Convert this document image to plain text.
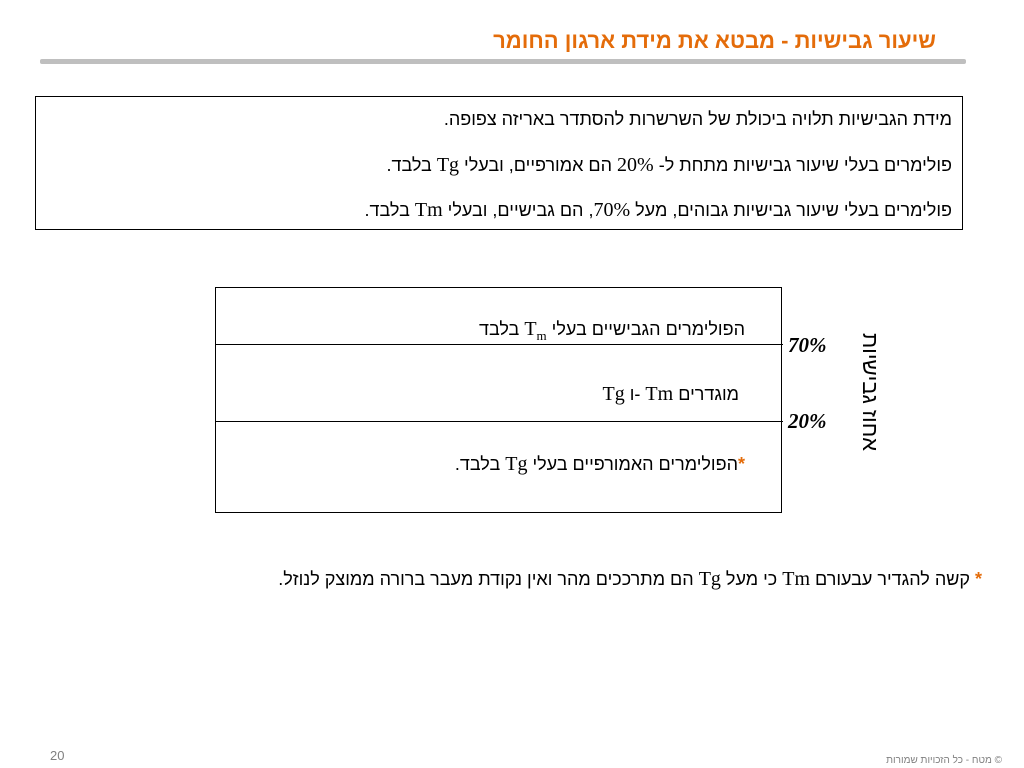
שיעור גבישיות - מבטא את מידת ארגון החומר
מידת הגבישיות תלויה ביכולת של השרשרות להסתדר באריזה צפופה.
פולימרים בעלי שיעור גבישיות מתחת ל- 20% הם אמורפיים, ובעלי Tg בלבד.
פולימרים בעלי שיעור גבישיות גבוהים, מעל 70%, הם גבישיים, ובעלי Tm בלבד.
הפולימרים הגבישיים בעלי $T_m$ בלבד
Tg ו- Tm מוגדרים
*הפולימרים האמורפיים בעלי Tg בלבד.
70%
20% אחוז גבישיות
* קשה להגדיר עבעורם Tm כי מעל Tg הם מתרככים מהר ואין נקודת מעבר ברורה ממוצק לנוזל.
20	© מטח - כל הזכויות שמורות
